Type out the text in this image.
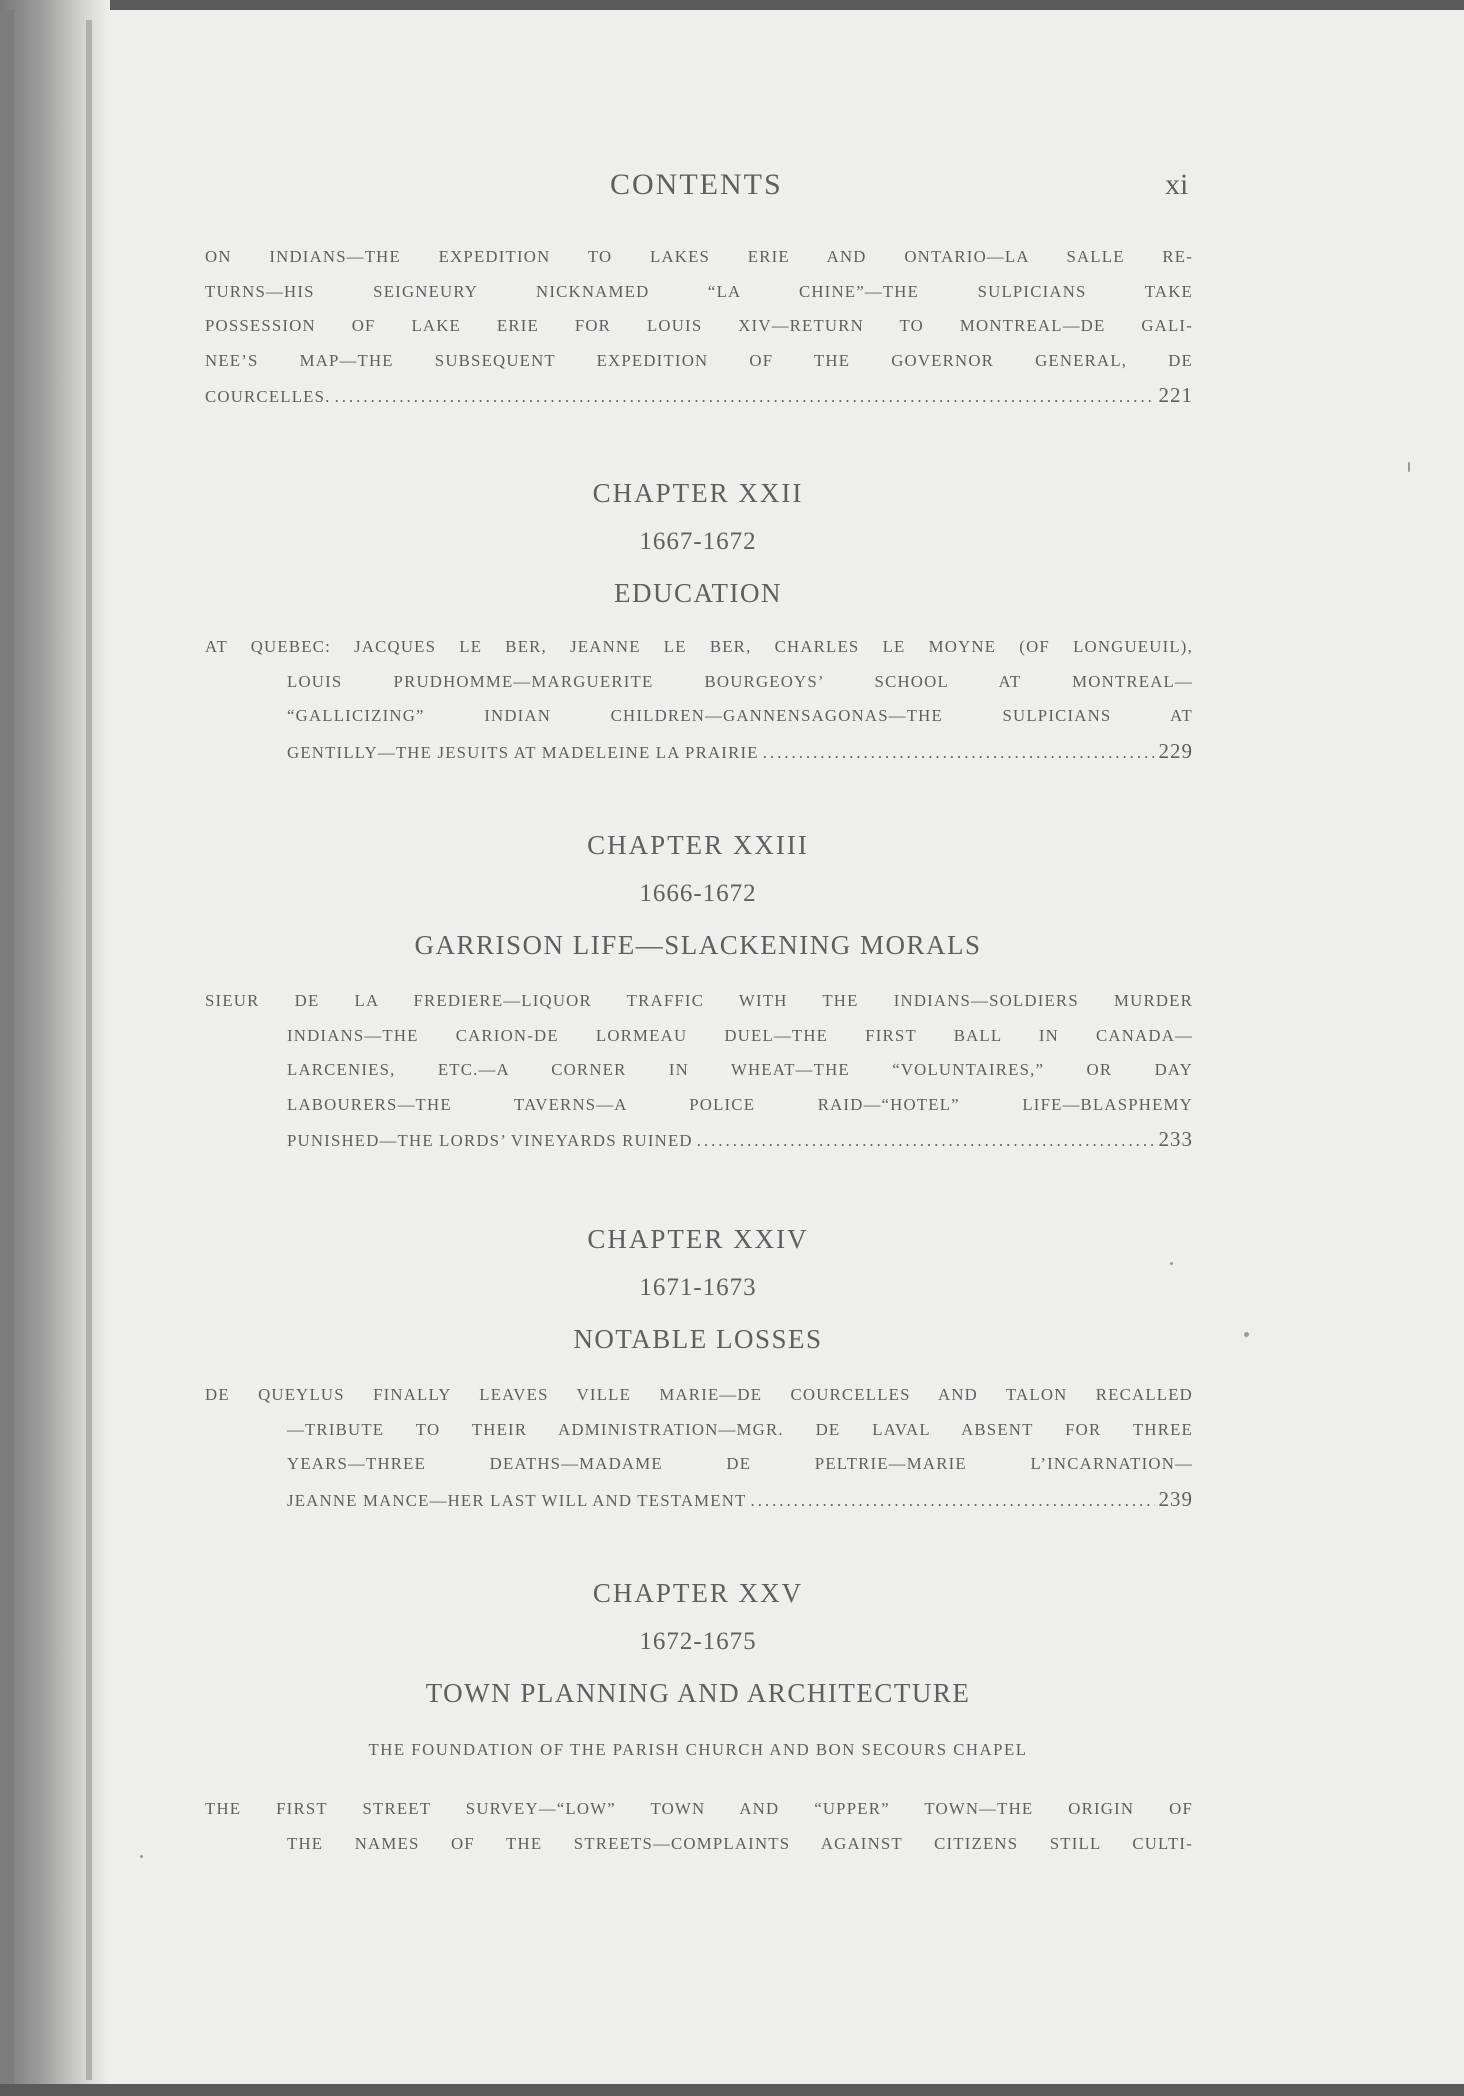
CONTENTS	xi
ON INDIANS—THE EXPEDITION TO LAKES ERIE AND ONTARIO—LA SALLE RE-
TURNS—HIS SEIGNEURY NICKNAMED “LA CHINE”—THE SULPICIANS TAKE
POSSESSION OF LAKE ERIE FOR LOUIS XIV—RETURN TO MONTREAL—DE GALI-
NEE’S MAP—THE SUBSEQUENT EXPEDITION OF THE GOVERNOR GENERAL, DE
COURCELLES. .....	221
CHAPTER XXII
1667-1672
EDUCATION
AT QUEBEC: JACQUES LE BER, JEANNE LE BER, CHARLES LE MOYNE (OF LONGUEUIL),
LOUIS PRUDHOMME—MARGUERITE BOURGEOYS’ SCHOOL AT MONTREAL—
“GALLICIZING” INDIAN CHILDREN—GANNENSAGONAS—THE SULPICIANS AT
GENTILLY—THE JESUITS AT MADELEINE LA PRAIRIE .....	229
CHAPTER XXIII
1666-1672
GARRISON LIFE—SLACKENING MORALS
SIEUR DE LA FREDIERE—LIQUOR TRAFFIC WITH THE INDIANS—SOLDIERS MURDER
INDIANS—THE CARION-DE LORMEAU DUEL—THE FIRST BALL IN CANADA—
LARCENIES, ETC.—A CORNER IN WHEAT—THE “VOLUNTAIRES,” OR DAY
LABOURERS—THE TAVERNS—A POLICE RAID—“HOTEL” LIFE—BLASPHEMY
PUNISHED—THE LORDS’ VINEYARDS RUINED .....	233
CHAPTER XXIV
1671-1673
NOTABLE LOSSES
DE QUEYLUS FINALLY LEAVES VILLE MARIE—DE COURCELLES AND TALON RECALLED
—TRIBUTE TO THEIR ADMINISTRATION—MGR. DE LAVAL ABSENT FOR THREE
YEARS—THREE DEATHS—MADAME DE PELTRIE—MARIE L’INCARNATION—
JEANNE MANCE—HER LAST WILL AND TESTAMENT .....	239
CHAPTER XXV
1672-1675
TOWN PLANNING AND ARCHITECTURE
THE FOUNDATION OF THE PARISH CHURCH AND BON SECOURS CHAPEL
THE FIRST STREET SURVEY—“LOW” TOWN AND “UPPER” TOWN—THE ORIGIN OF
THE NAMES OF THE STREETS—COMPLAINTS AGAINST CITIZENS STILL CULTI-
